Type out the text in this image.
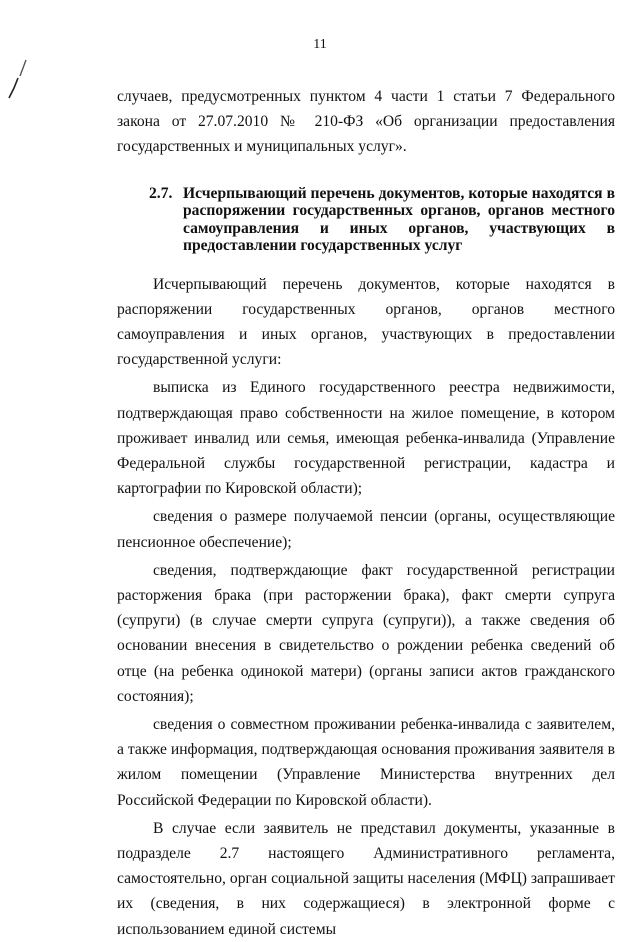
11

случаев, предусмотренных пунктом 4 части 1 статьи 7 Федерального закона от 27.07.2010 № 210-ФЗ «Об организации предоставления государственных и муниципальных услуг».

2.7. Исчерпывающий перечень документов, которые находятся в распоряжении государственных органов, органов местного самоуправления и иных органов, участвующих в предоставлении государственных услуг

Исчерпывающий перечень документов, которые находятся в распоряжении государственных органов, органов местного самоуправления и иных органов, участвующих в предоставлении государственной услуги:

выписка из Единого государственного реестра недвижимости, подтверждающая право собственности на жилое помещение, в котором проживает инвалид или семья, имеющая ребенка-инвалида (Управление Федеральной службы государственной регистрации, кадастра и картографии по Кировской области);

сведения о размере получаемой пенсии (органы, осуществляющие пенсионное обеспечение);

сведения, подтверждающие факт государственной регистрации расторжения брака (при расторжении брака), факт смерти супруга (супруги) (в случае смерти супруга (супруги)), а также сведения об основании внесения в свидетельство о рождении ребенка сведений об отце (на ребенка одинокой матери) (органы записи актов гражданского состояния);

сведения о совместном проживании ребенка-инвалида с заявителем, а также информация, подтверждающая основания проживания заявителя в жилом помещении (Управление Министерства внутренних дел Российской Федерации по Кировской области).

В случае если заявитель не представил документы, указанные в подразделе 2.7 настоящего Административного регламента, самостоятельно, орган социальной защиты населения (МФЦ) запрашивает их (сведения, в них содержащиеся) в электронной форме с использованием единой системы
